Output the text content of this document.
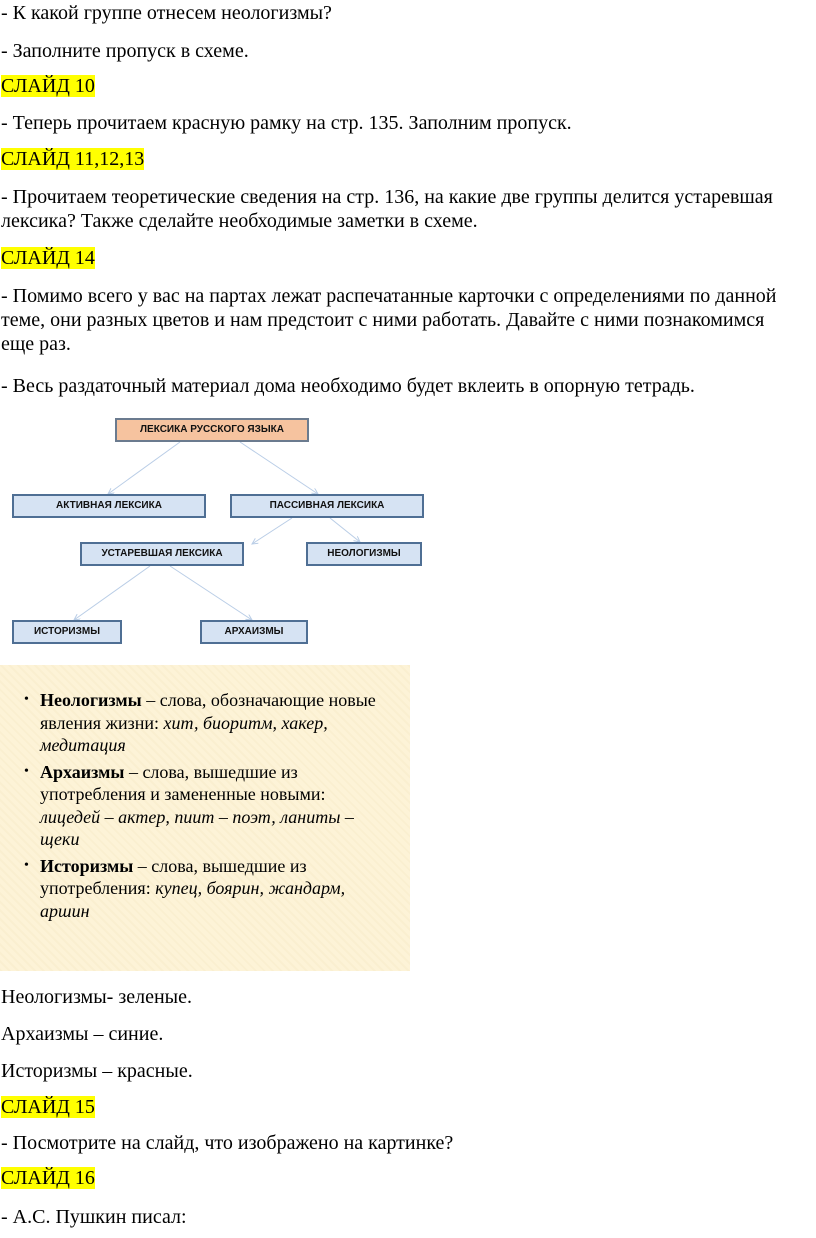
- К какой группе отнесем неологизмы?
- Заполните пропуск в схеме.
СЛАЙД 10
- Теперь прочитаем красную рамку на стр. 135. Заполним пропуск.
СЛАЙД 11,12,13
- Прочитаем теоретические сведения на стр. 136, на какие две группы делится устаревшая лексика? Также сделайте необходимые заметки в схеме.
СЛАЙД 14
- Помимо всего у вас на партах лежат распечатанные карточки с определениями по данной теме, они разных цветов и нам предстоит с ними работать. Давайте с ними познакомимся еще раз.
- Весь раздаточный материал дома необходимо будет вклеить в опорную тетрадь.
ЛЕКСИКА РУССКОГО ЯЗЫКА
АКТИВНАЯ ЛЕКСИКА	ПАССИВНАЯ ЛЕКСИКА
УСТАРЕВШАЯ ЛЕКСИКА	НЕОЛОГИЗМЫ
ИСТОРИЗМЫ	АРХАИЗМЫ
• Неологизмы – слова, обозначающие новые явления жизни: хит, биоритм, хакер, медитация
• Архаизмы – слова, вышедшие из употребления и замененные новыми: лицедей – актер, пиит – поэт, ланиты – щеки
• Историзмы – слова, вышедшие из употребления: купец, боярин, жандарм, аршин
Неологизмы- зеленые.
Архаизмы – синие.
Историзмы – красные.
СЛАЙД 15
- Посмотрите на слайд, что изображено на картинке?
СЛАЙД 16
- А.С. Пушкин писал:
